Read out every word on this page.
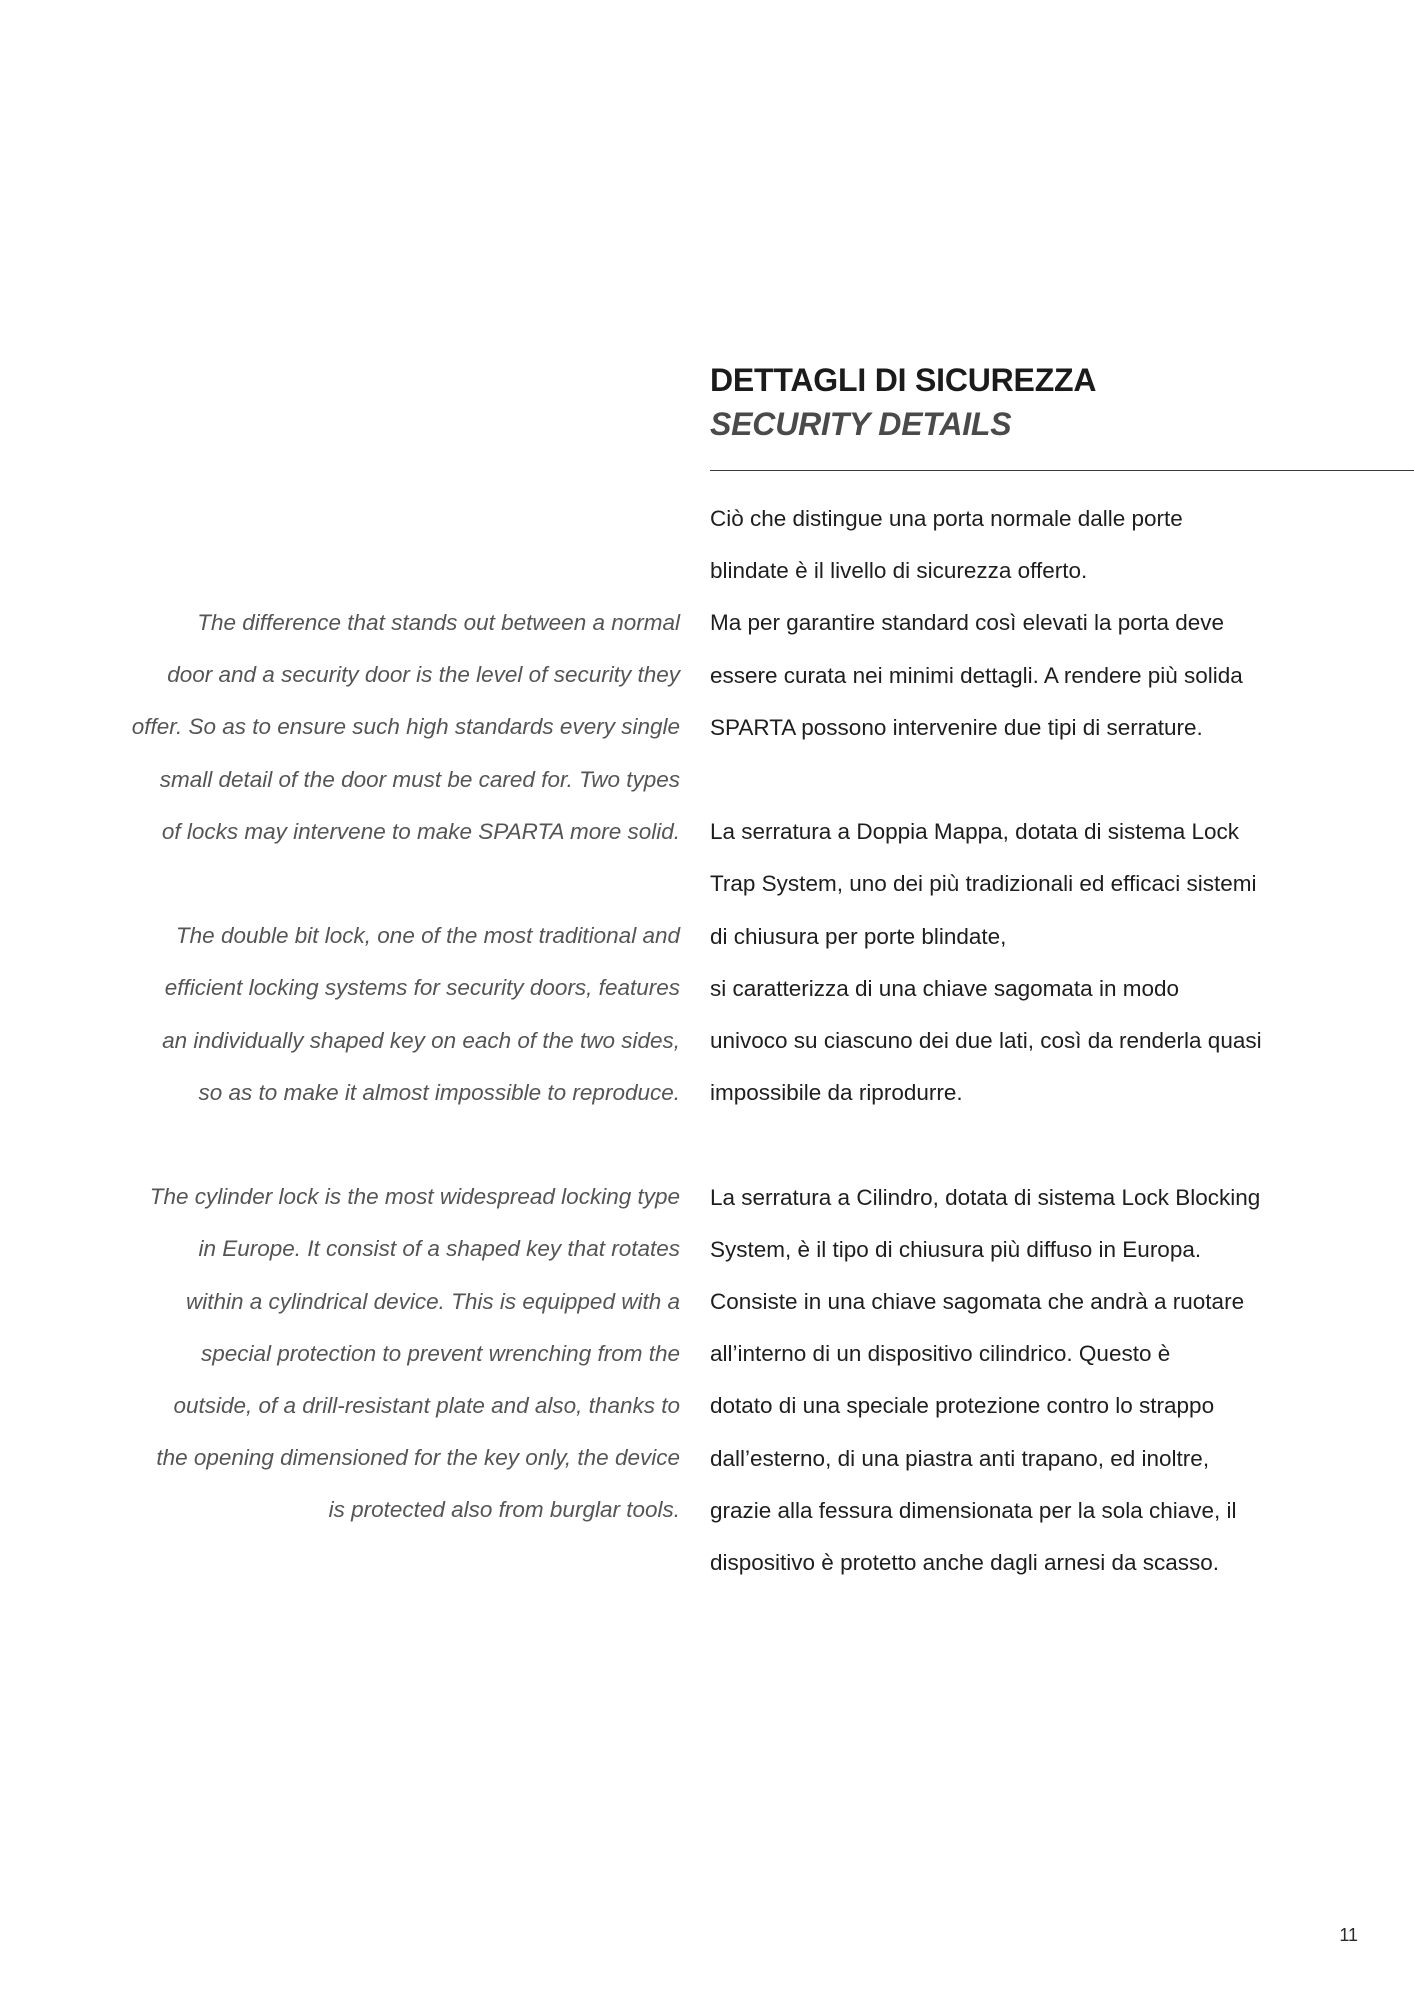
DETTAGLI DI SICUREZZA
SECURITY DETAILS

Ciò che distingue una porta normale dalle porte
blindate è il livello di sicurezza offerto.
Ma per garantire standard così elevati la porta deve
essere curata nei minimi dettagli. A rendere più solida
SPARTA possono intervenire due tipi di serrature.

La serratura a Doppia Mappa, dotata di sistema Lock
Trap System, uno dei più tradizionali ed efficaci sistemi
di chiusura per porte blindate,
si caratterizza di una chiave sagomata in modo
univoco su ciascuno dei due lati, così da renderla quasi
impossibile da riprodurre.

La serratura a Cilindro, dotata di sistema Lock Blocking
System, è il tipo di chiusura più diffuso in Europa.
Consiste in una chiave sagomata che andrà a ruotare
all’interno di un dispositivo cilindrico. Questo è
dotato di una speciale protezione contro lo strappo
dall’esterno, di una piastra anti trapano, ed inoltre,
grazie alla fessura dimensionata per la sola chiave, il
dispositivo è protetto anche dagli arnesi da scasso.

The difference that stands out between a normal
door and a security door is the level of security they
offer. So as to ensure such high standards every single
small detail of the door must be cared for. Two types
of locks may intervene to make SPARTA more solid.

The double bit lock, one of the most traditional and
efficient locking systems for security doors, features
an individually shaped key on each of the two sides,
so as to make it almost impossible to reproduce.

The cylinder lock is the most widespread locking type
in Europe. It consist of a shaped key that rotates
within a cylindrical device. This is equipped with a
special protection to prevent wrenching from the
outside, of a drill-resistant plate and also, thanks to
the opening dimensioned for the key only, the device
is protected also from burglar tools.

11
